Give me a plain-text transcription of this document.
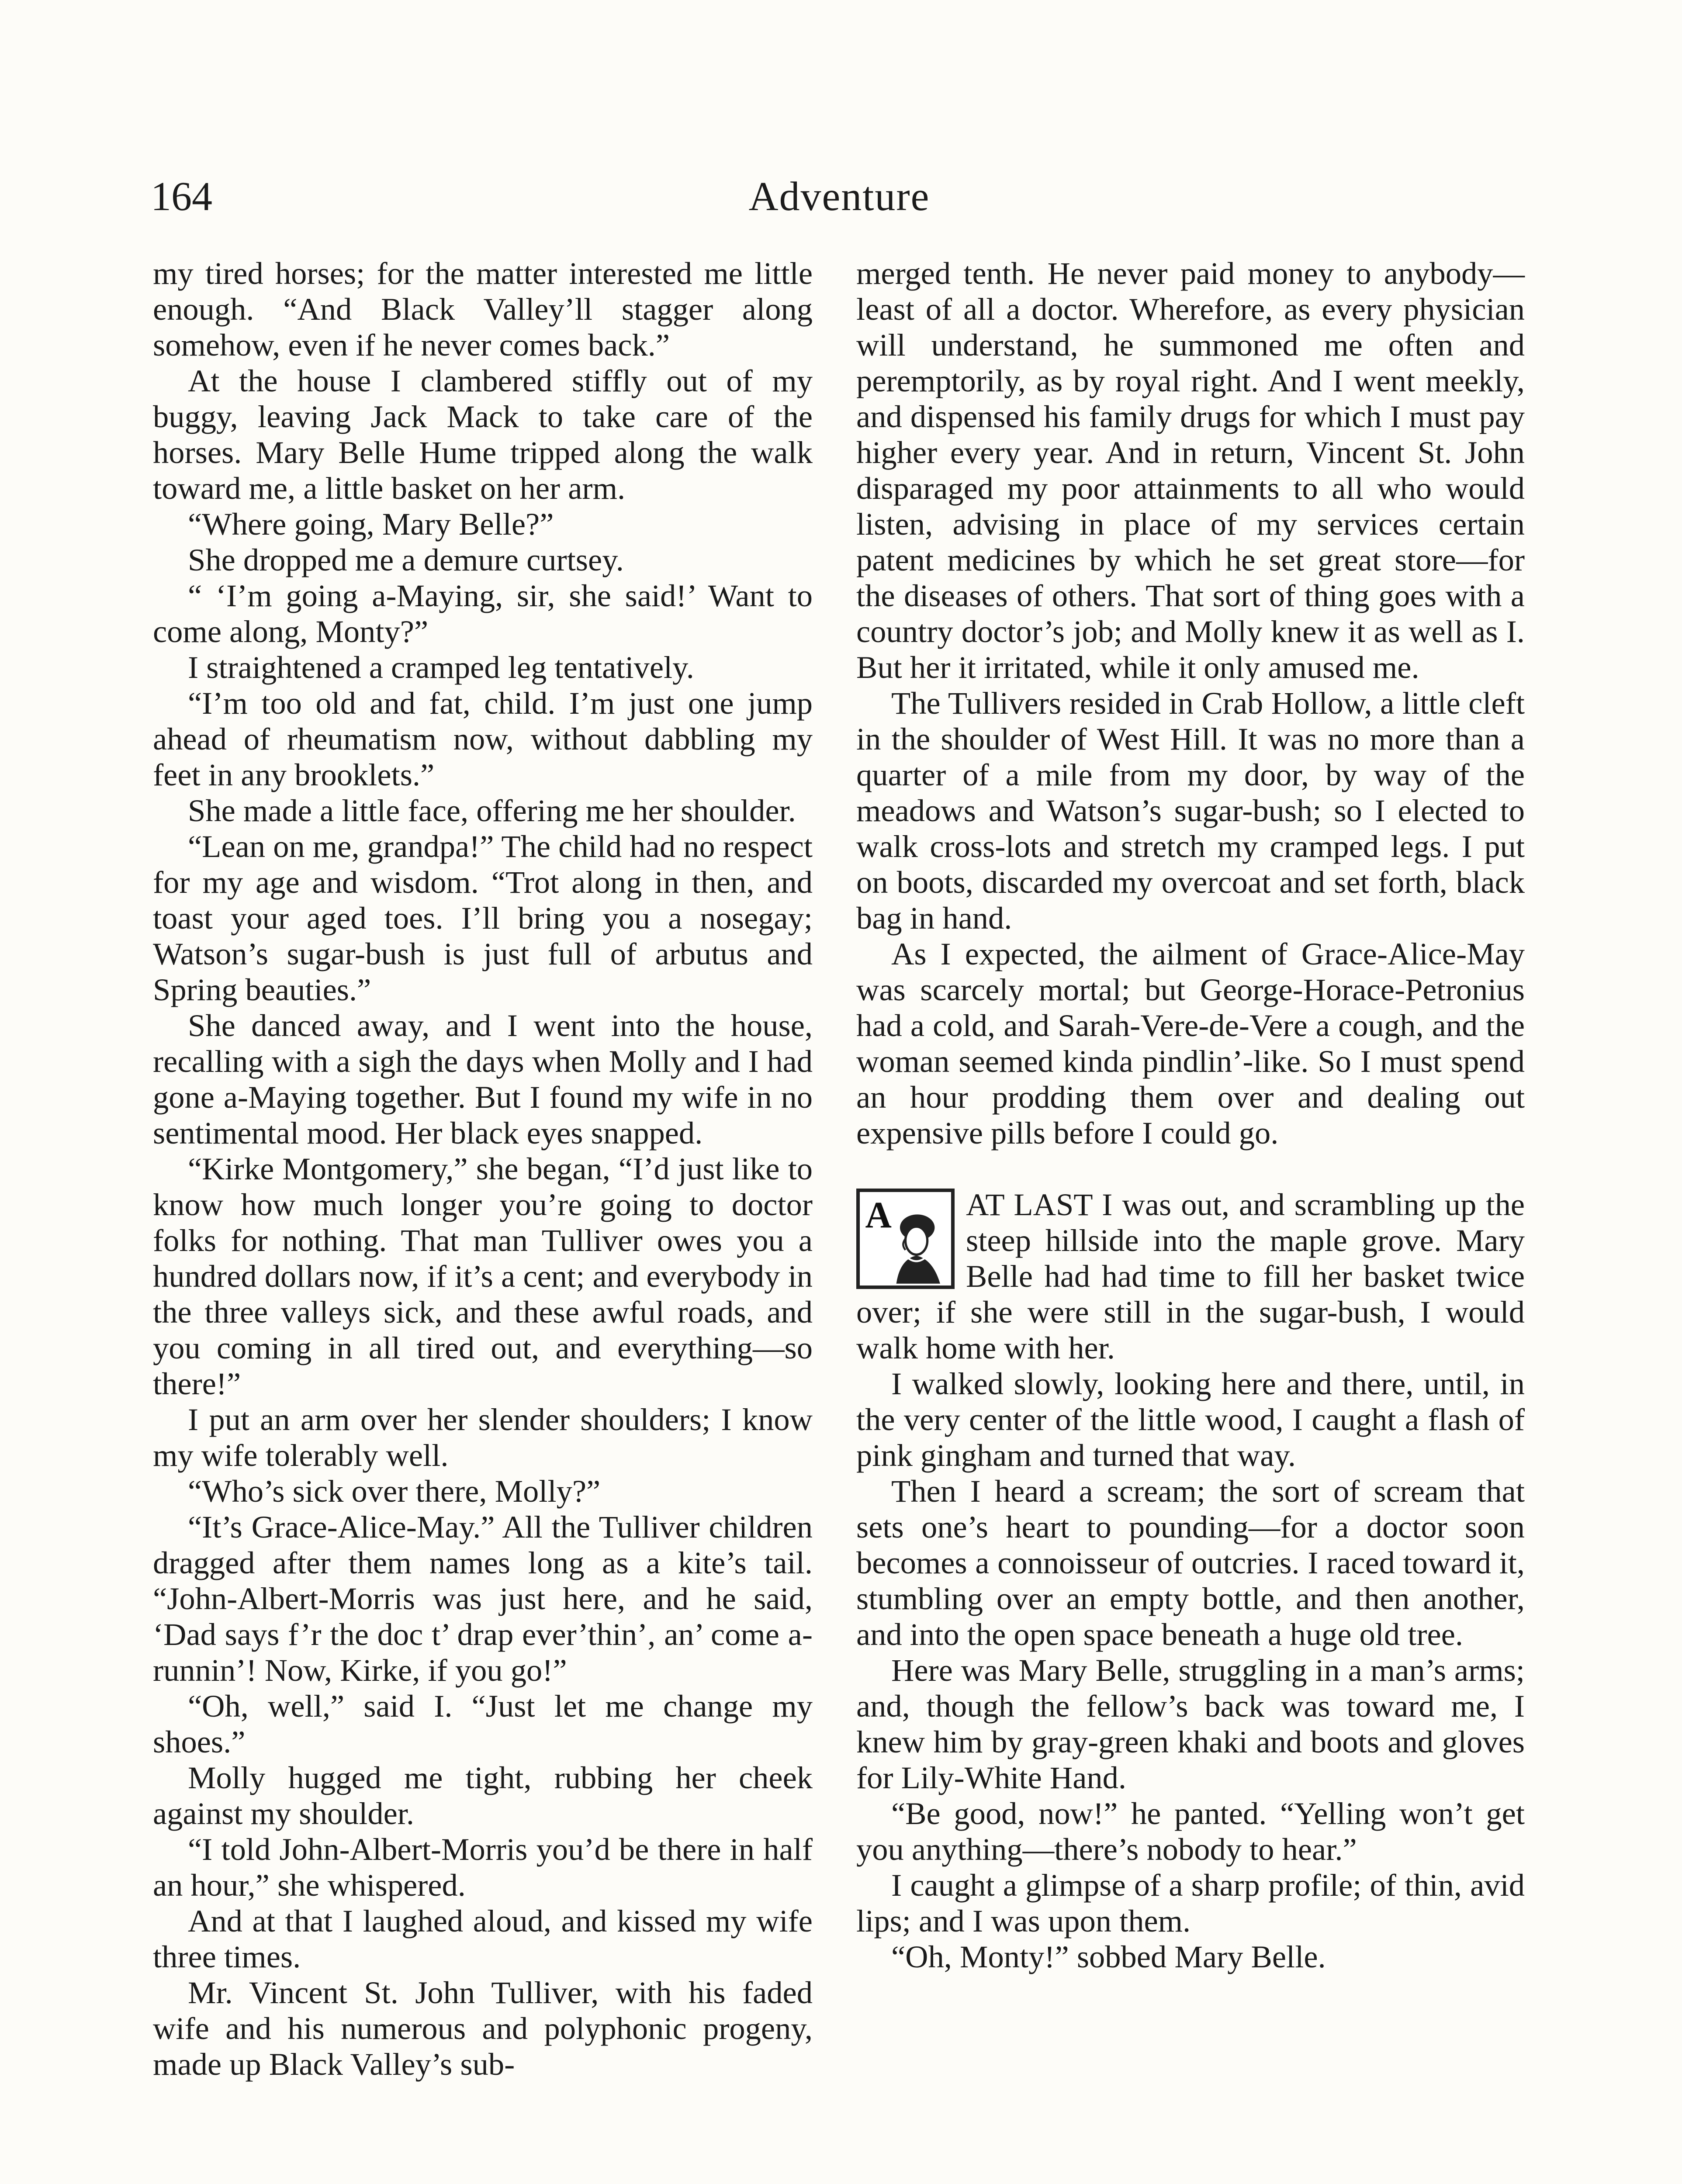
164	Adventure

my tired horses; for the matter interested me little enough. “And Black Valley’ll stagger along somehow, even if he never comes back.”

At the house I clambered stiffly out of my buggy, leaving Jack Mack to take care of the horses. Mary Belle Hume tripped along the walk toward me, a little basket on her arm.

“Where going, Mary Belle?”

She dropped me a demure curtsey.

“ ‘I’m going a-Maying, sir, she said!’ Want to come along, Monty?”

I straightened a cramped leg tentatively.

“I’m too old and fat, child. I’m just one jump ahead of rheumatism now, without dabbling my feet in any brooklets.”

She made a little face, offering me her shoulder.

“Lean on me, grandpa!” The child had no respect for my age and wisdom. “Trot along in then, and toast your aged toes. I’ll bring you a nosegay; Watson’s sugar-bush is just full of arbutus and Spring beauties.”

She danced away, and I went into the house, recalling with a sigh the days when Molly and I had gone a-Maying together. But I found my wife in no sentimental mood. Her black eyes snapped.

“Kirke Montgomery,” she began, “I’d just like to know how much longer you’re going to doctor folks for nothing. That man Tulliver owes you a hundred dollars now, if it’s a cent; and everybody in the three valleys sick, and these awful roads, and you coming in all tired out, and everything—so there!”

I put an arm over her slender shoulders; I know my wife tolerably well.

“Who’s sick over there, Molly?”

“It’s Grace-Alice-May.” All the Tulliver children dragged after them names long as a kite’s tail. “John-Albert-Morris was just here, and he said, ‘Dad says f’r the doc t’ drap ever’thin’, an’ come a-runnin’! Now, Kirke, if you go!”

“Oh, well,” said I. “Just let me change my shoes.”

Molly hugged me tight, rubbing her cheek against my shoulder.

“I told John-Albert-Morris you’d be there in half an hour,” she whispered.

And at that I laughed aloud, and kissed my wife three times.

Mr. Vincent St. John Tulliver, with his faded wife and his numerous and polyphonic progeny, made up Black Valley’s sub-

merged tenth. He never paid money to anybody—least of all a doctor. Wherefore, as every physician will understand, he summoned me often and peremptorily, as by royal right. And I went meekly, and dispensed his family drugs for which I must pay higher every year. And in return, Vincent St. John disparaged my poor attainments to all who would listen, advising in place of my services certain patent medicines by which he set great store—for the diseases of others. That sort of thing goes with a country doctor’s job; and Molly knew it as well as I. But her it irritated, while it only amused me.

The Tullivers resided in Crab Hollow, a little cleft in the shoulder of West Hill. It was no more than a quarter of a mile from my door, by way of the meadows and Watson’s sugar-bush; so I elected to walk cross-lots and stretch my cramped legs. I put on boots, discarded my overcoat and set forth, black bag in hand.

As I expected, the ailment of Grace-Alice-May was scarcely mortal; but George-Horace-Petronius had a cold, and Sarah-Vere-de-Vere a cough, and the woman seemed kinda pindlin’-like. So I must spend an hour prodding them over and dealing out expensive pills before I could go.

A	AT LAST I was out, and scrambling up the steep hillside into the maple grove. Mary Belle had had time to fill her basket twice over; if she were still in the sugar-bush, I would walk home with her.

I walked slowly, looking here and there, until, in the very center of the little wood, I caught a flash of pink gingham and turned that way.

Then I heard a scream; the sort of scream that sets one’s heart to pounding—for a doctor soon becomes a connoisseur of outcries. I raced toward it, stumbling over an empty bottle, and then another, and into the open space beneath a huge old tree.

Here was Mary Belle, struggling in a man’s arms; and, though the fellow’s back was toward me, I knew him by gray-green khaki and boots and gloves for Lily-White Hand.

“Be good, now!” he panted. “Yelling won’t get you anything—there’s nobody to hear.”

I caught a glimpse of a sharp profile; of thin, avid lips; and I was upon them.

“Oh, Monty!” sobbed Mary Belle.
